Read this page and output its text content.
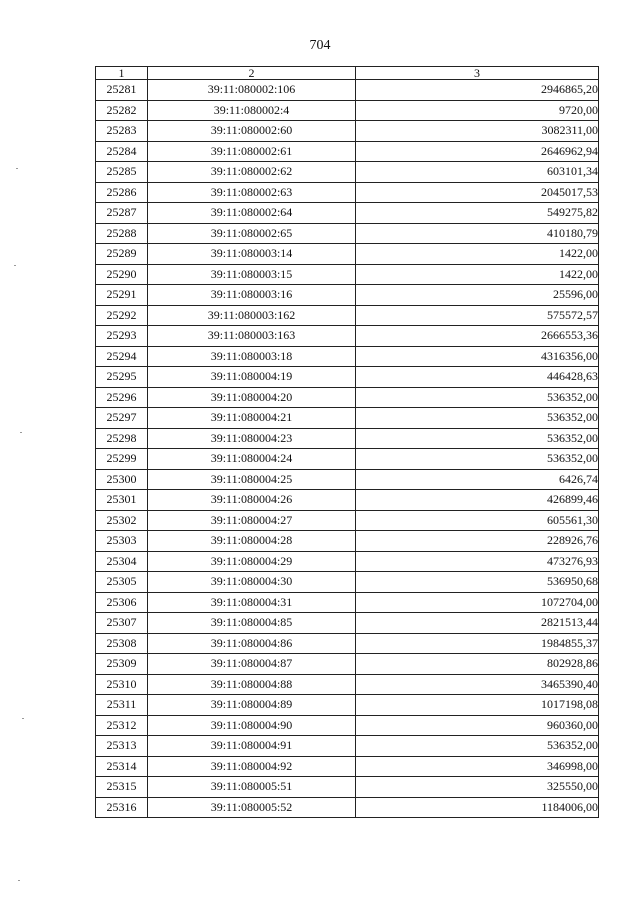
704
1	2	3
25281	39:11:080002:106	2946865,20
25282	39:11:080002:4	9720,00
25283	39:11:080002:60	3082311,00
25284	39:11:080002:61	2646962,94
25285	39:11:080002:62	603101,34
25286	39:11:080002:63	2045017,53
25287	39:11:080002:64	549275,82
25288	39:11:080002:65	410180,79
25289	39:11:080003:14	1422,00
25290	39:11:080003:15	1422,00
25291	39:11:080003:16	25596,00
25292	39:11:080003:162	575572,57
25293	39:11:080003:163	2666553,36
25294	39:11:080003:18	4316356,00
25295	39:11:080004:19	446428,63
25296	39:11:080004:20	536352,00
25297	39:11:080004:21	536352,00
25298	39:11:080004:23	536352,00
25299	39:11:080004:24	536352,00
25300	39:11:080004:25	6426,74
25301	39:11:080004:26	426899,46
25302	39:11:080004:27	605561,30
25303	39:11:080004:28	228926,76
25304	39:11:080004:29	473276,93
25305	39:11:080004:30	536950,68
25306	39:11:080004:31	1072704,00
25307	39:11:080004:85	2821513,44
25308	39:11:080004:86	1984855,37
25309	39:11:080004:87	802928,86
25310	39:11:080004:88	3465390,40
25311	39:11:080004:89	1017198,08
25312	39:11:080004:90	960360,00
25313	39:11:080004:91	536352,00
25314	39:11:080004:92	346998,00
25315	39:11:080005:51	325550,00
25316	39:11:080005:52	1184006,00
